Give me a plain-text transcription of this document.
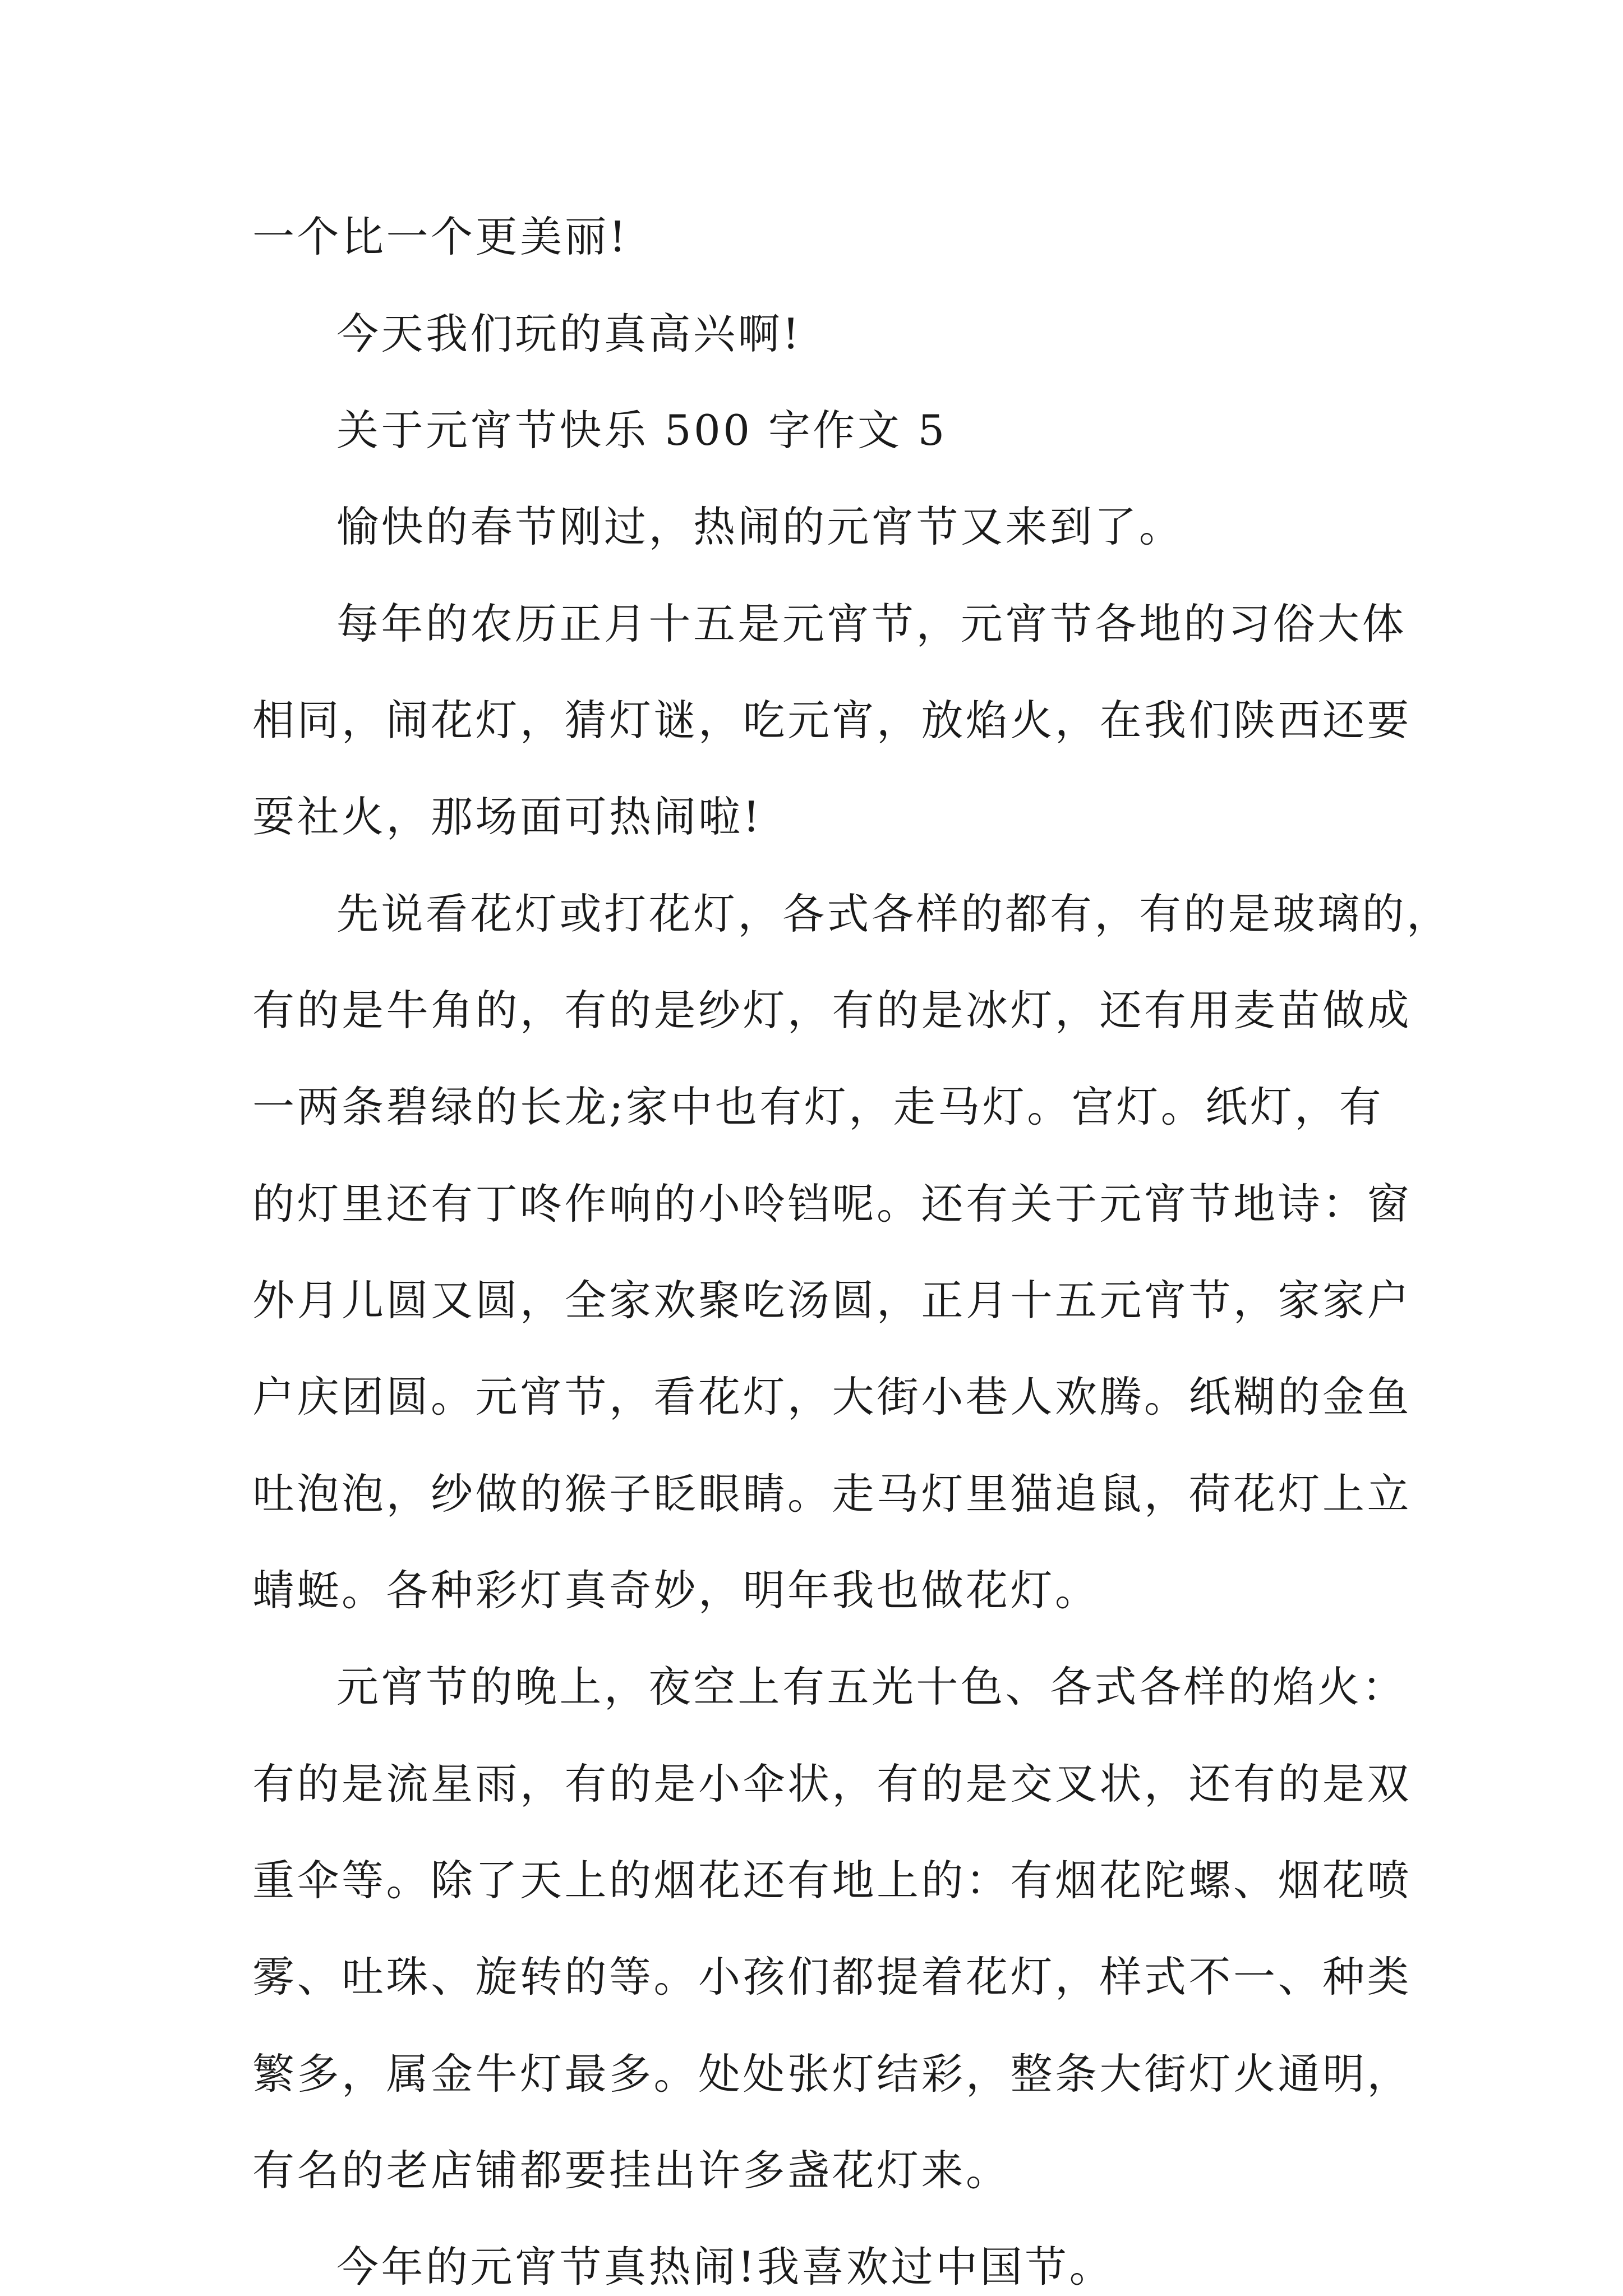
一个比一个更美丽!
今天我们玩的真高兴啊!
关于元宵节快乐 500 字作文 5
愉快的春节刚过，热闹的元宵节又来到了。
每年的农历正月十五是元宵节，元宵节各地的习俗大体
相同，闹花灯，猜灯谜，吃元宵，放焰火，在我们陕西还要
耍社火，那场面可热闹啦!
先说看花灯或打花灯，各式各样的都有，有的是玻璃的，
有的是牛角的，有的是纱灯，有的是冰灯，还有用麦苗做成
一两条碧绿的长龙;家中也有灯，走马灯。宫灯。纸灯，有
的灯里还有丁咚作响的小呤铛呢。还有关于元宵节地诗：窗
外月儿圆又圆，全家欢聚吃汤圆，正月十五元宵节，家家户
户庆团圆。元宵节，看花灯，大街小巷人欢腾。纸糊的金鱼
吐泡泡，纱做的猴子眨眼睛。走马灯里猫追鼠，荷花灯上立
蜻蜓。各种彩灯真奇妙，明年我也做花灯。
元宵节的晚上，夜空上有五光十色、各式各样的焰火：
有的是流星雨，有的是小伞状，有的是交叉状，还有的是双
重伞等。除了天上的烟花还有地上的：有烟花陀螺、烟花喷
雾、吐珠、旋转的等。小孩们都提着花灯，样式不一、种类
繁多，属金牛灯最多。处处张灯结彩，整条大街灯火通明，
有名的老店铺都要挂出许多盏花灯来。
今年的元宵节真热闹!我喜欢过中国节。
